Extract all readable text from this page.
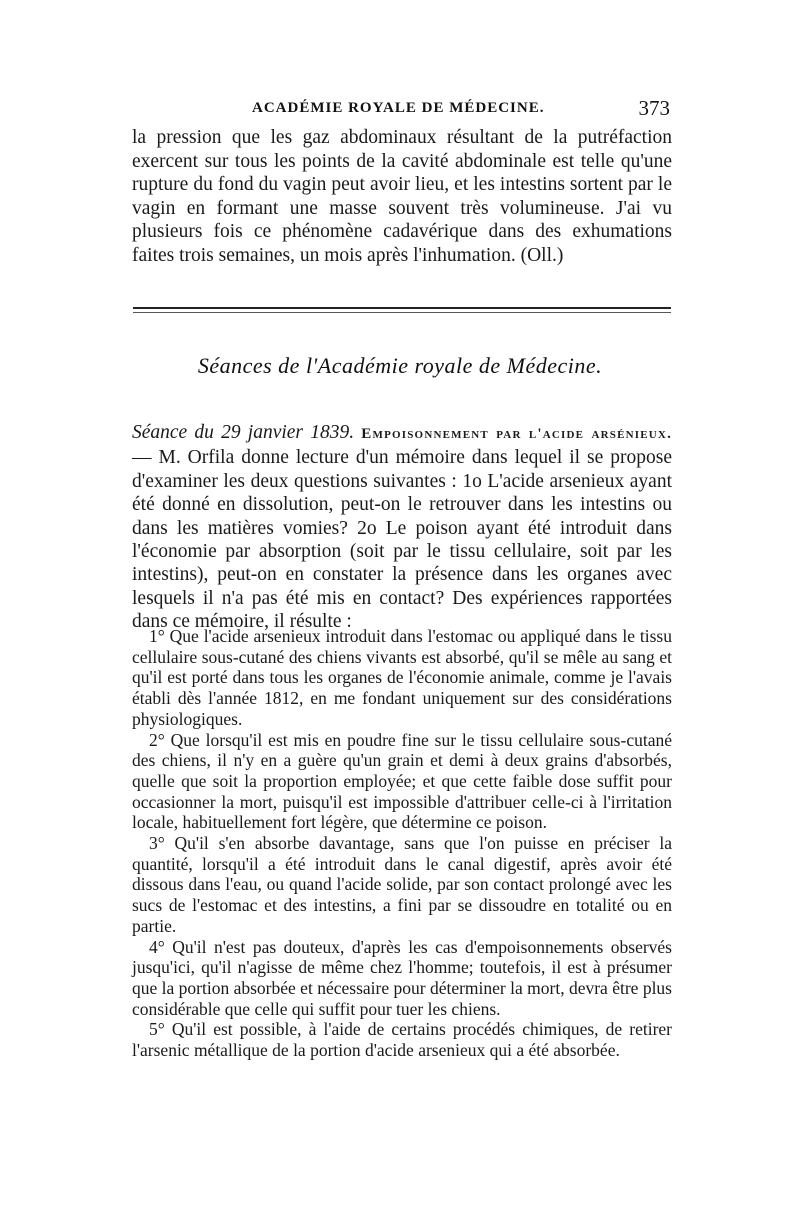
ACADÉMIE ROYALE DE MÉDECINE.	373

la pression que les gaz abdominaux résultant de la putréfaction exercent sur tous les points de la cavité abdominale est telle qu'une rupture du fond du vagin peut avoir lieu, et les intestins sortent par le vagin en formant une masse souvent très volumineuse. J'ai vu plusieurs fois ce phénomène cadavérique dans des exhumations faites trois semaines, un mois après l'inhumation. (Oll.)

Séances de l'Académie royale de Médecine.

Séance du 29 janvier 1839. Empoisonnement par l'acide arsénieux. — M. Orfila donne lecture d'un mémoire dans lequel il se propose d'examiner les deux questions suivantes : 1o L'acide arsenieux ayant été donné en dissolution, peut-on le retrouver dans les intestins ou dans les matières vomies? 2o Le poison ayant été introduit dans l'économie par absorption (soit par le tissu cellulaire, soit par les intestins), peut-on en constater la présence dans les organes avec lesquels il n'a pas été mis en contact? Des expériences rapportées dans ce mémoire, il résulte :

1° Que l'acide arsenieux introduit dans l'estomac ou appliqué dans le tissu cellulaire sous-cutané des chiens vivants est absorbé, qu'il se mêle au sang et qu'il est porté dans tous les organes de l'économie animale, comme je l'avais établi dès l'année 1812, en me fondant uniquement sur des considérations physiologiques.

2° Que lorsqu'il est mis en poudre fine sur le tissu cellulaire sous-cutané des chiens, il n'y en a guère qu'un grain et demi à deux grains d'absorbés, quelle que soit la proportion employée; et que cette faible dose suffit pour occasionner la mort, puisqu'il est impossible d'attribuer celle-ci à l'irritation locale, habituellement fort légère, que détermine ce poison.

3° Qu'il s'en absorbe davantage, sans que l'on puisse en préciser la quantité, lorsqu'il a été introduit dans le canal digestif, après avoir été dissous dans l'eau, ou quand l'acide solide, par son contact prolongé avec les sucs de l'estomac et des intestins, a fini par se dissoudre en totalité ou en partie.

4° Qu'il n'est pas douteux, d'après les cas d'empoisonnements observés jusqu'ici, qu'il n'agisse de même chez l'homme; toutefois, il est à présumer que la portion absorbée et nécessaire pour déterminer la mort, devra être plus considérable que celle qui suffit pour tuer les chiens.

5° Qu'il est possible, à l'aide de certains procédés chimiques, de retirer l'arsenic métallique de la portion d'acide arsenieux qui a été absorbée.
